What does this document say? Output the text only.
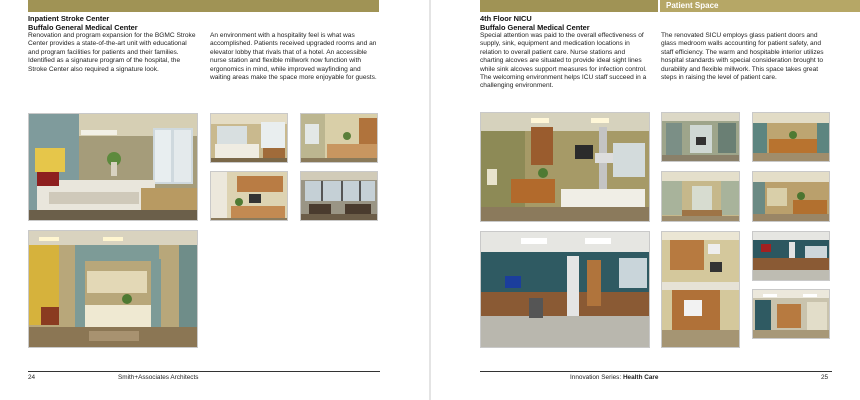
Inpatient Stroke Center
Buffalo General Medical Center
Renovation and program expansion for the BGMC Stroke Center provides a state-of-the-art unit with educational and program facilities for patients and their families. Identified as a signature program of the hospital, the Stroke Center also required a signature look.
An environment with a hospitality feel is what was accomplished. Patients received upgraded rooms and an elevator lobby that rivals that of a hotel. An accessible nurse station and flexible millwork now function with ergonomics in mind, while improved wayfinding and waiting areas make the space more enjoyable for guests.
24	Smith+Associates Architects
Patient Space
4th Floor NICU
Buffalo General Medical Center
Special attention was paid to the overall effectiveness of supply, sink, equipment and medication locations in relation to overall patient care. Nurse stations and charting alcoves are situated to provide ideal sight lines while sink alcoves support measures for infection control. The welcoming environment helps ICU staff succeed in a challenging environment.
The renovated SICU employs glass patient doors and glass medroom walls accounting for patient safety, and staff efficiency. The warm and hospitable interior utilizes hospital standards with special consideration brought to durability and flexible millwork. This space takes great steps in raising the level of patient care.
Innovation Series: Health Care	25
